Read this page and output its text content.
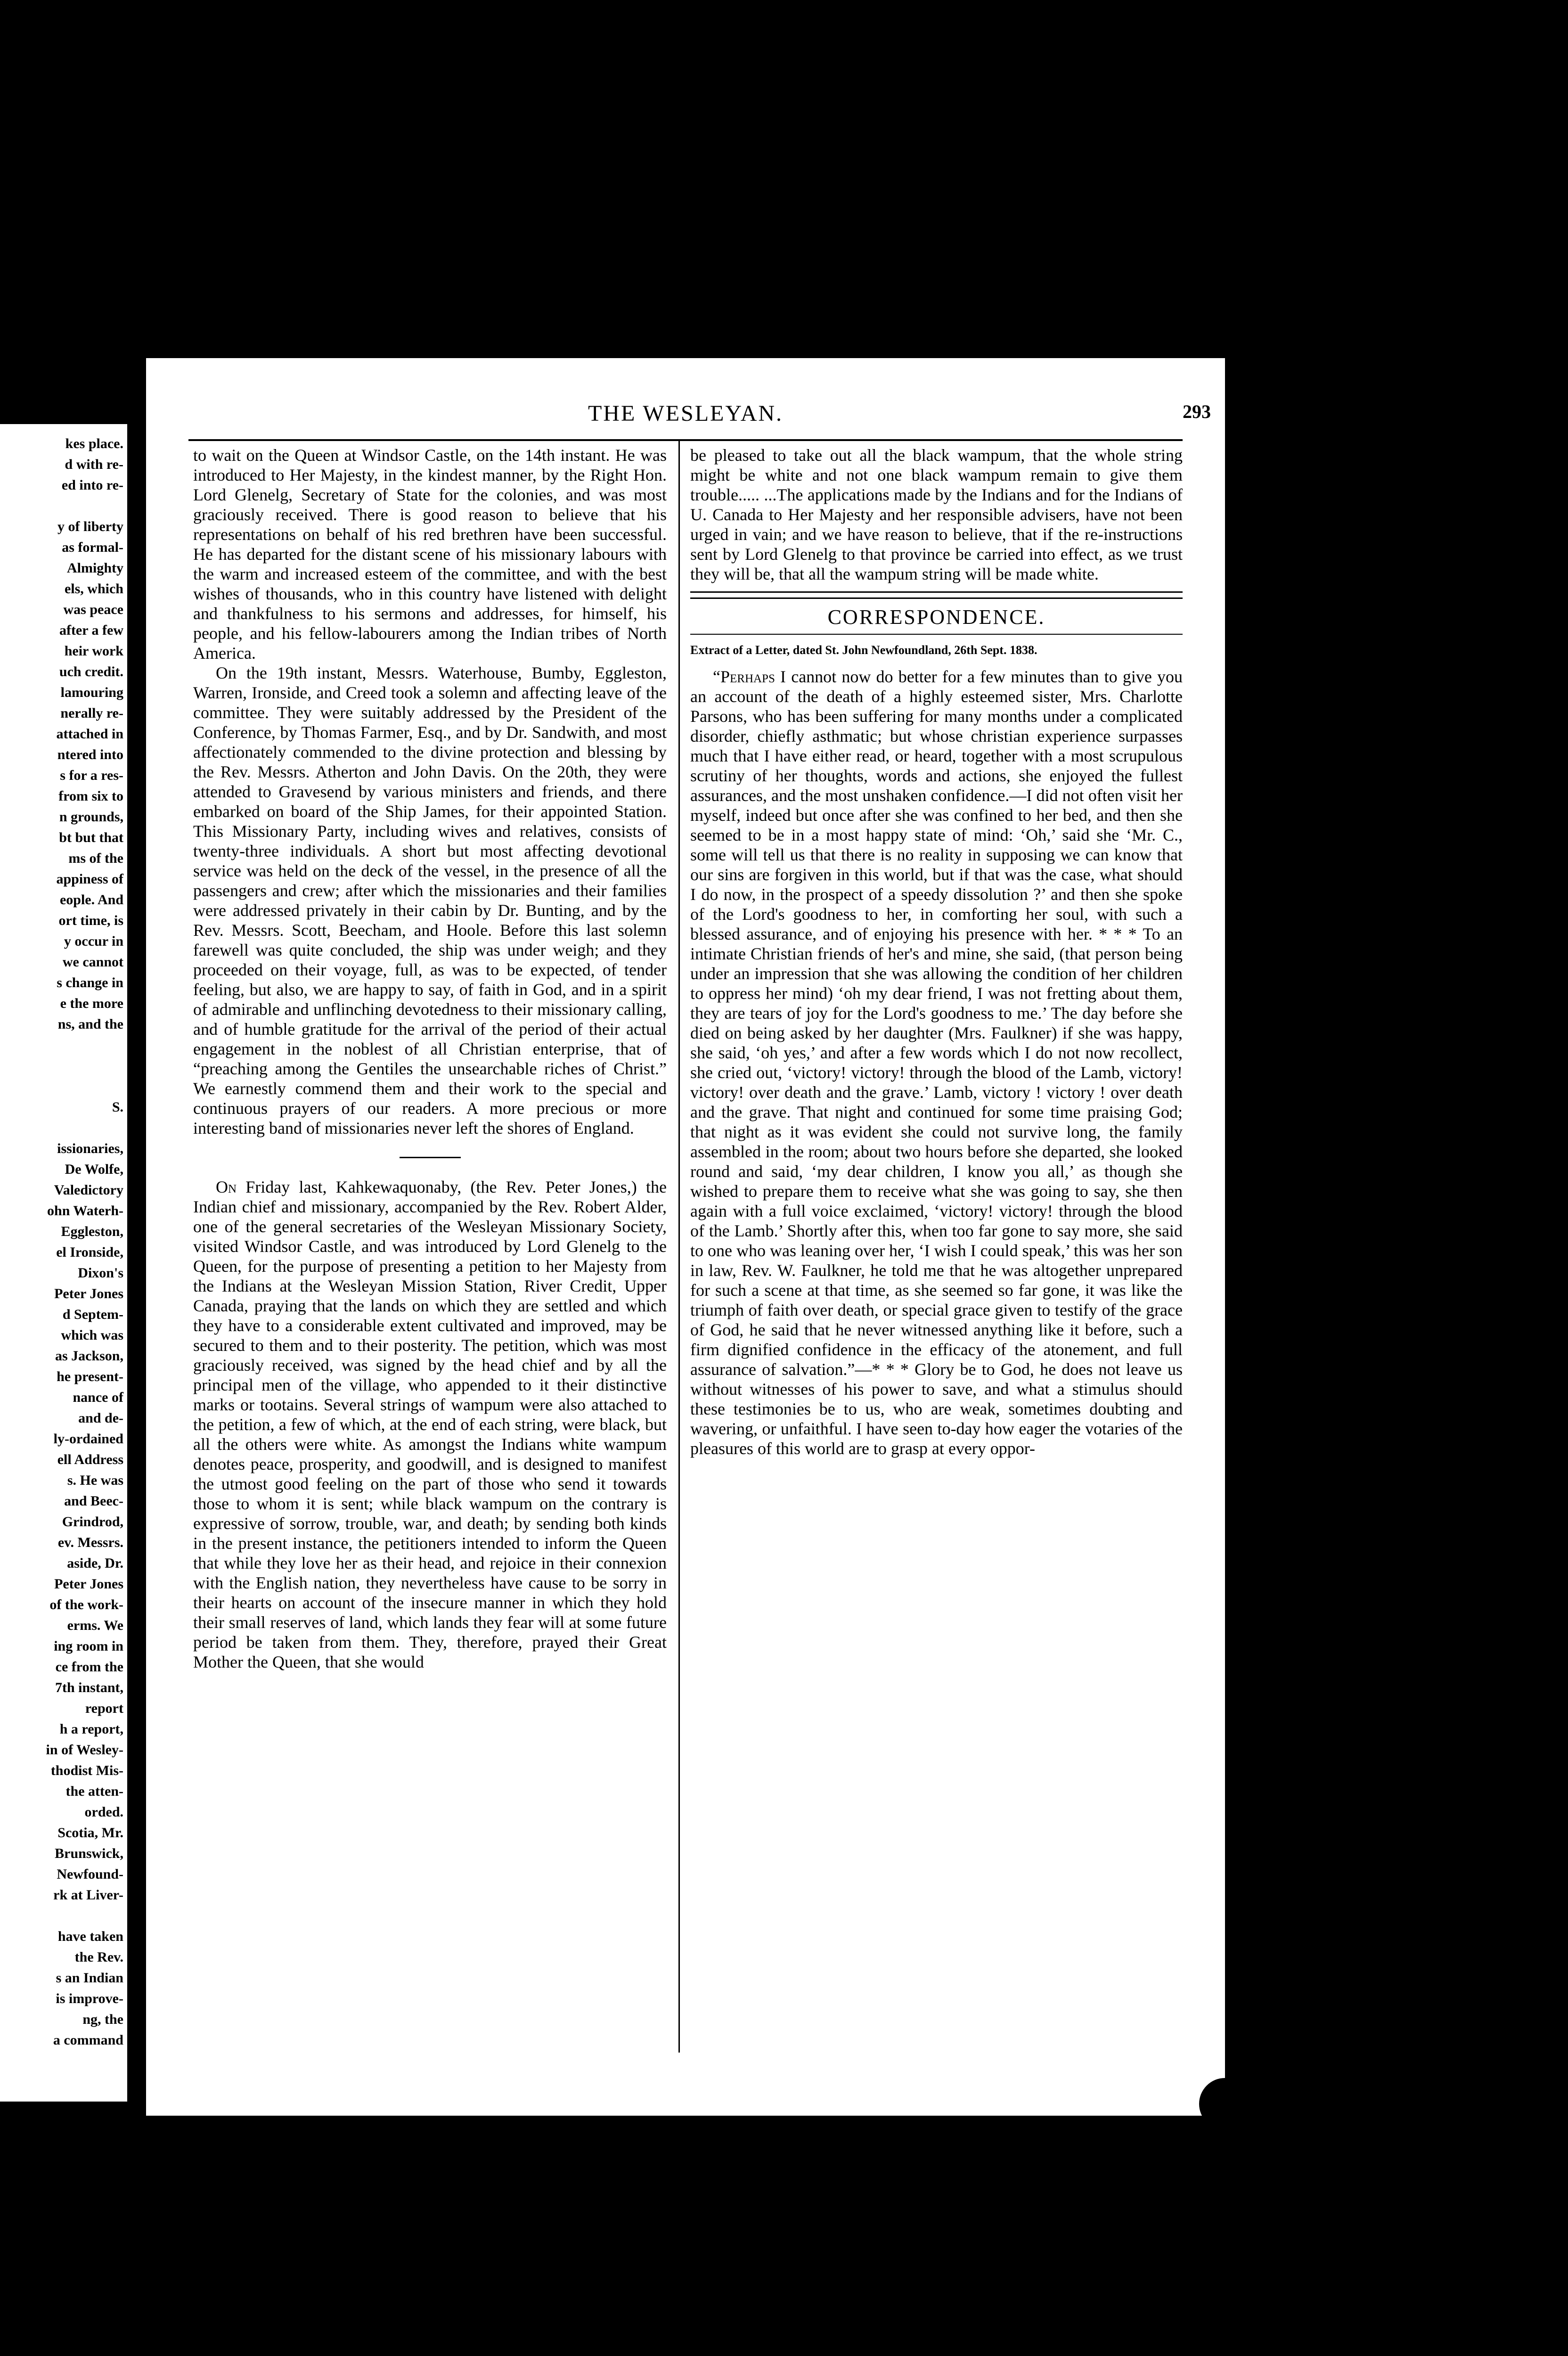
kes place.
d with re-
ed into re-
y of liberty
as formal-
Almighty
els, which
was peace
after a few
heir work
uch credit.
lamouring
nerally re-
attached in
ntered into
s for a res-
from six to
n grounds,
bt but that
ms of the
appiness of
eople. And
ort time, is
y occur in
we cannot
s change in
e the more
ns, and the
S.
issionaries,
De Wolfe,
Valedictory
ohn Waterh-
Eggleston,
el Ironside,
Dixon's
Peter Jones
d Septem-
which was
as Jackson,
he present-
nance of
and de-
ly-ordained
ell Address
s. He was
and Beec-
Grindrod,
ev. Messrs.
aside, Dr.
Peter Jones
of the work-
erms. We
ing room in
ce from the
7th instant,
report
h a report,
in of Wesley-
thodist Mis-
the atten-
orded.
Scotia, Mr.
Brunswick,
Newfound-
rk at Liver-
have taken
the Rev.
s an Indian
is improve-
ng, the
a command
THE WESLEYAN.	293

to wait on the Queen at Windsor Castle, on the 14th instant. He was introduced to Her Majesty, in the kindest manner, by the Right Hon. Lord Glenelg, Secretary of State for the colonies, and was most graciously received. There is good reason to believe that his representations on behalf of his red brethren have been successful. He has departed for the distant scene of his missionary labours with the warm and increased esteem of the committee, and with the best wishes of thousands, who in this country have listened with delight and thankfulness to his sermons and addresses, for himself, his people, and his fellow-labourers among the Indian tribes of North America.

On the 19th instant, Messrs. Waterhouse, Bumby, Eggleston, Warren, Ironside, and Creed took a solemn and affecting leave of the committee. They were suitably addressed by the President of the Conference, by Thomas Farmer, Esq., and by Dr. Sandwith, and most affectionately commended to the divine protection and blessing by the Rev. Messrs. Atherton and John Davis. On the 20th, they were attended to Gravesend by various ministers and friends, and there embarked on board of the Ship James, for their appointed Station. This Missionary Party, including wives and relatives, consists of twenty-three individuals. A short but most affecting devotional service was held on the deck of the vessel, in the presence of all the passengers and crew; after which the missionaries and their families were addressed privately in their cabin by Dr. Bunting, and by the Rev. Messrs. Scott, Beecham, and Hoole. Before this last solemn farewell was quite concluded, the ship was under weigh; and they proceeded on their voyage, full, as was to be expected, of tender feeling, but also, we are happy to say, of faith in God, and in a spirit of admirable and unflinching devotedness to their missionary calling, and of humble gratitude for the arrival of the period of their actual engagement in the noblest of all Christian enterprise, that of “preaching among the Gentiles the unsearchable riches of Christ.” We earnestly commend them and their work to the special and continuous prayers of our readers. A more precious or more interesting band of missionaries never left the shores of England.

On Friday last, Kahkewaquonaby, (the Rev. Peter Jones,) the Indian chief and missionary, accompanied by the Rev. Robert Alder, one of the general secretaries of the Wesleyan Missionary Society, visited Windsor Castle, and was introduced by Lord Glenelg to the Queen, for the purpose of presenting a petition to her Majesty from the Indians at the Wesleyan Mission Station, River Credit, Upper Canada, praying that the lands on which they are settled and which they have to a considerable extent cultivated and improved, may be secured to them and to their posterity. The petition, which was most graciously received, was signed by the head chief and by all the principal men of the village, who appended to it their distinctive marks or tootains. Several strings of wampum were also attached to the petition, a few of which, at the end of each string, were black, but all the others were white. As amongst the Indians white wampum denotes peace, prosperity, and goodwill, and is designed to manifest the utmost good feeling on the part of those who send it towards those to whom it is sent; while black wampum on the contrary is expressive of sorrow, trouble, war, and death; by sending both kinds in the present instance, the petitioners intended to inform the Queen that while they love her as their head, and rejoice in their connexion with the English nation, they nevertheless have cause to be sorry in their hearts on account of the insecure manner in which they hold their small reserves of land, which lands they fear will at some future period be taken from them. They, therefore, prayed their Great Mother the Queen, that she would

be pleased to take out all the black wampum, that the whole string might be white and not one black wampum remain to give them trouble..... ...The applications made by the Indians and for the Indians of U. Canada to Her Majesty and her responsible advisers, have not been urged in vain; and we have reason to believe, that if the re-instructions sent by Lord Glenelg to that province be carried into effect, as we trust they will be, that all the wampum string will be made white.

CORRESPONDENCE.
Extract of a Letter, dated St. John Newfoundland, 26th Sept. 1838.

“Perhaps I cannot now do better for a few minutes than to give you an account of the death of a highly esteemed sister, Mrs. Charlotte Parsons, who has been suffering for many months under a complicated disorder, chiefly asthmatic; but whose christian experience surpasses much that I have either read, or heard, together with a most scrupulous scrutiny of her thoughts, words and actions, she enjoyed the fullest assurances, and the most unshaken confidence.—I did not often visit her myself, indeed but once after she was confined to her bed, and then she seemed to be in a most happy state of mind: ‘Oh,’ said she ‘Mr. C., some will tell us that there is no reality in supposing we can know that our sins are forgiven in this world, but if that was the case, what should I do now, in the prospect of a speedy dissolution ?’ and then she spoke of the Lord's goodness to her, in comforting her soul, with such a blessed assurance, and of enjoying his presence with her. * * * To an intimate Christian friends of her's and mine, she said, (that person being under an impression that she was allowing the condition of her children to oppress her mind) ‘oh my dear friend, I was not fretting about them, they are tears of joy for the Lord's goodness to me.’ The day before she died on being asked by her daughter (Mrs. Faulkner) if she was happy, she said, ‘oh yes,’ and after a few words which I do not now recollect, she cried out, ‘victory! victory! through the blood of the Lamb, victory! victory! over death and the grave.’ Lamb, victory ! victory ! over death and the grave. That night and continued for some time praising God; that night as it was evident she could not survive long, the family assembled in the room; about two hours before she departed, she looked round and said, ‘my dear children, I know you all,’ as though she wished to prepare them to receive what she was going to say, she then again with a full voice exclaimed, ‘victory! victory! through the blood of the Lamb.’ Shortly after this, when too far gone to say more, she said to one who was leaning over her, ‘I wish I could speak,’ this was her son in law, Rev. W. Faulkner, he told me that he was altogether unprepared for such a scene at that time, as she seemed so far gone, it was like the triumph of faith over death, or special grace given to testify of the grace of God, he said that he never witnessed anything like it before, such a firm dignified confidence in the efficacy of the atonement, and full assurance of salvation.”—* * * Glory be to God, he does not leave us without witnesses of his power to save, and what a stimulus should these testimonies be to us, who are weak, sometimes doubting and wavering, or unfaithful. I have seen to-day how eager the votaries of the pleasures of this world are to grasp at every oppor-
